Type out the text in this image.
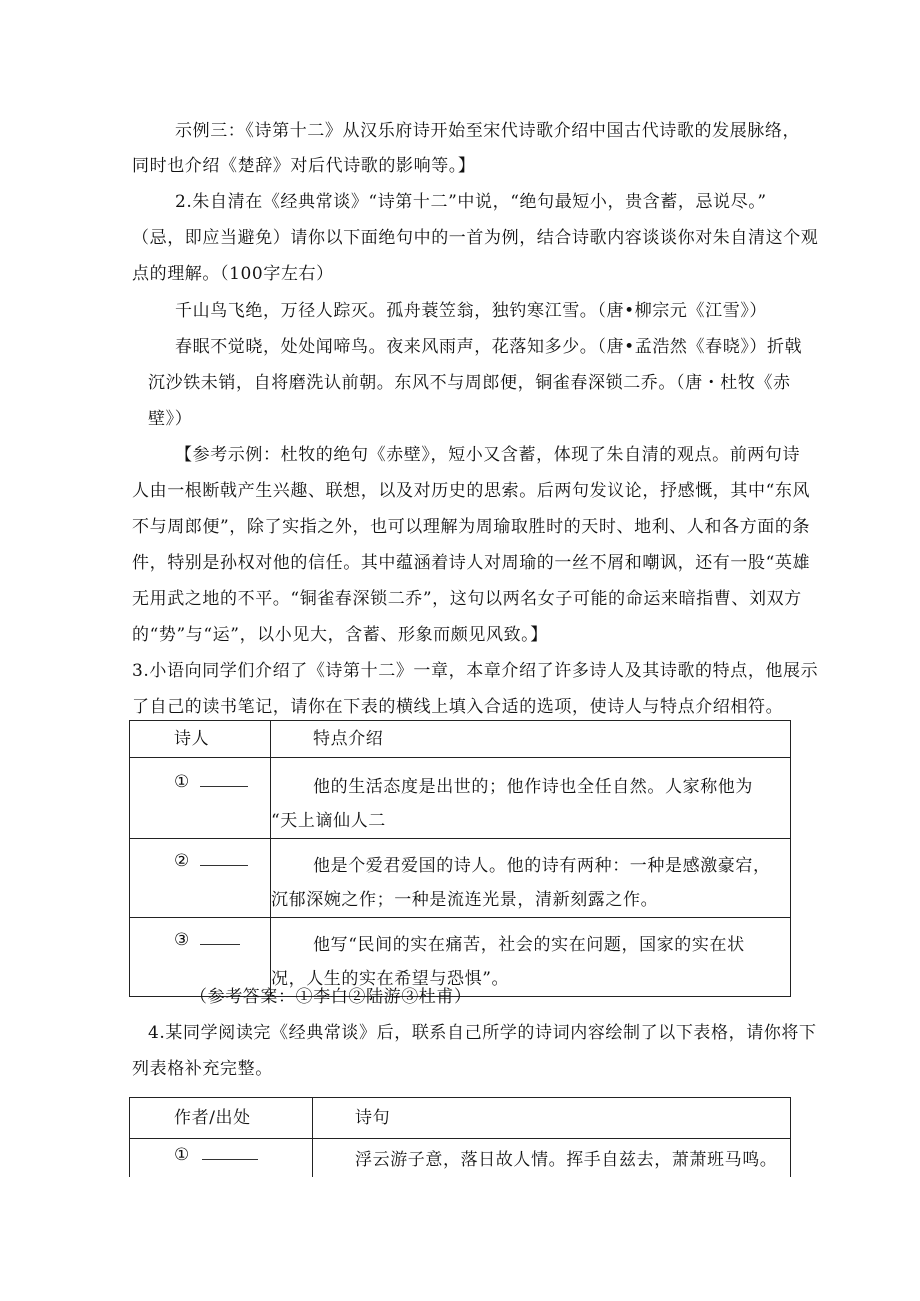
示例三：《诗第十二》从汉乐府诗开始至宋代诗歌介绍中国古代诗歌的发展脉络，
同时也介绍《楚辞》对后代诗歌的影响等。】
2.朱自清在《经典常谈》“诗第十二”中说，“绝句最短小，贵含蓄，忌说尽。”
（忌，即应当避免）请你以下面绝句中的一首为例，结合诗歌内容谈谈你对朱自清这个观
点的理解。（100字左右）
千山鸟飞绝，万径人踪灭。孤舟蓑笠翁，独钓寒江雪。（唐•柳宗元《江雪》）
春眠不觉晓，处处闻啼鸟。夜来风雨声，花落知多少。（唐•孟浩然《春晓》）折戟
沉沙铁未销，自将磨洗认前朝。东风不与周郎便，铜雀春深锁二乔。（唐・杜牧《赤
壁》）
【参考示例：杜牧的绝句《赤壁》，短小又含蓄，体现了朱自清的观点。前两句诗
人由一根断戟产生兴趣、联想，以及对历史的思索。后两句发议论，抒感慨，其中“东风
不与周郎便”，除了实指之外，也可以理解为周瑜取胜时的天时、地利、人和各方面的条
件，特别是孙权对他的信任。其中蕴涵着诗人对周瑜的一丝不屑和嘲讽，还有一股“英雄
无用武之地的不平。“铜雀春深锁二乔”，这句以两名女子可能的命运来暗指曹、刘双方
的“势”与“运”，以小见大，含蓄、形象而颇见风致。】
3.小语向同学们介绍了《诗第十二》一章，本章介绍了许多诗人及其诗歌的特点，他展示
了自己的读书笔记，请你在下表的横线上填入合适的选项，使诗人与特点介绍相符。
诗人	特点介绍
①	他的生活态度是出世的；他作诗也全任自然。人家称他为
“天上谪仙人二

②	他是个爱君爱国的诗人。他的诗有两种：一种是感激豪宕，
沉郁深婉之作；一种是流连光景，清新刻露之作。

③	他写“民间的实在痛苦，社会的实在问题，国家的实在状
况，人生的实在希望与恐惧”。
（参考答案：①李白②陆游③杜甫）
4.某同学阅读完《经典常谈》后，联系自己所学的诗词内容绘制了以下表格，请你将下
列表格补充完整。
作者/出处	诗句
①	浮云游子意，落日故人情。挥手自兹去，萧萧班马鸣。
